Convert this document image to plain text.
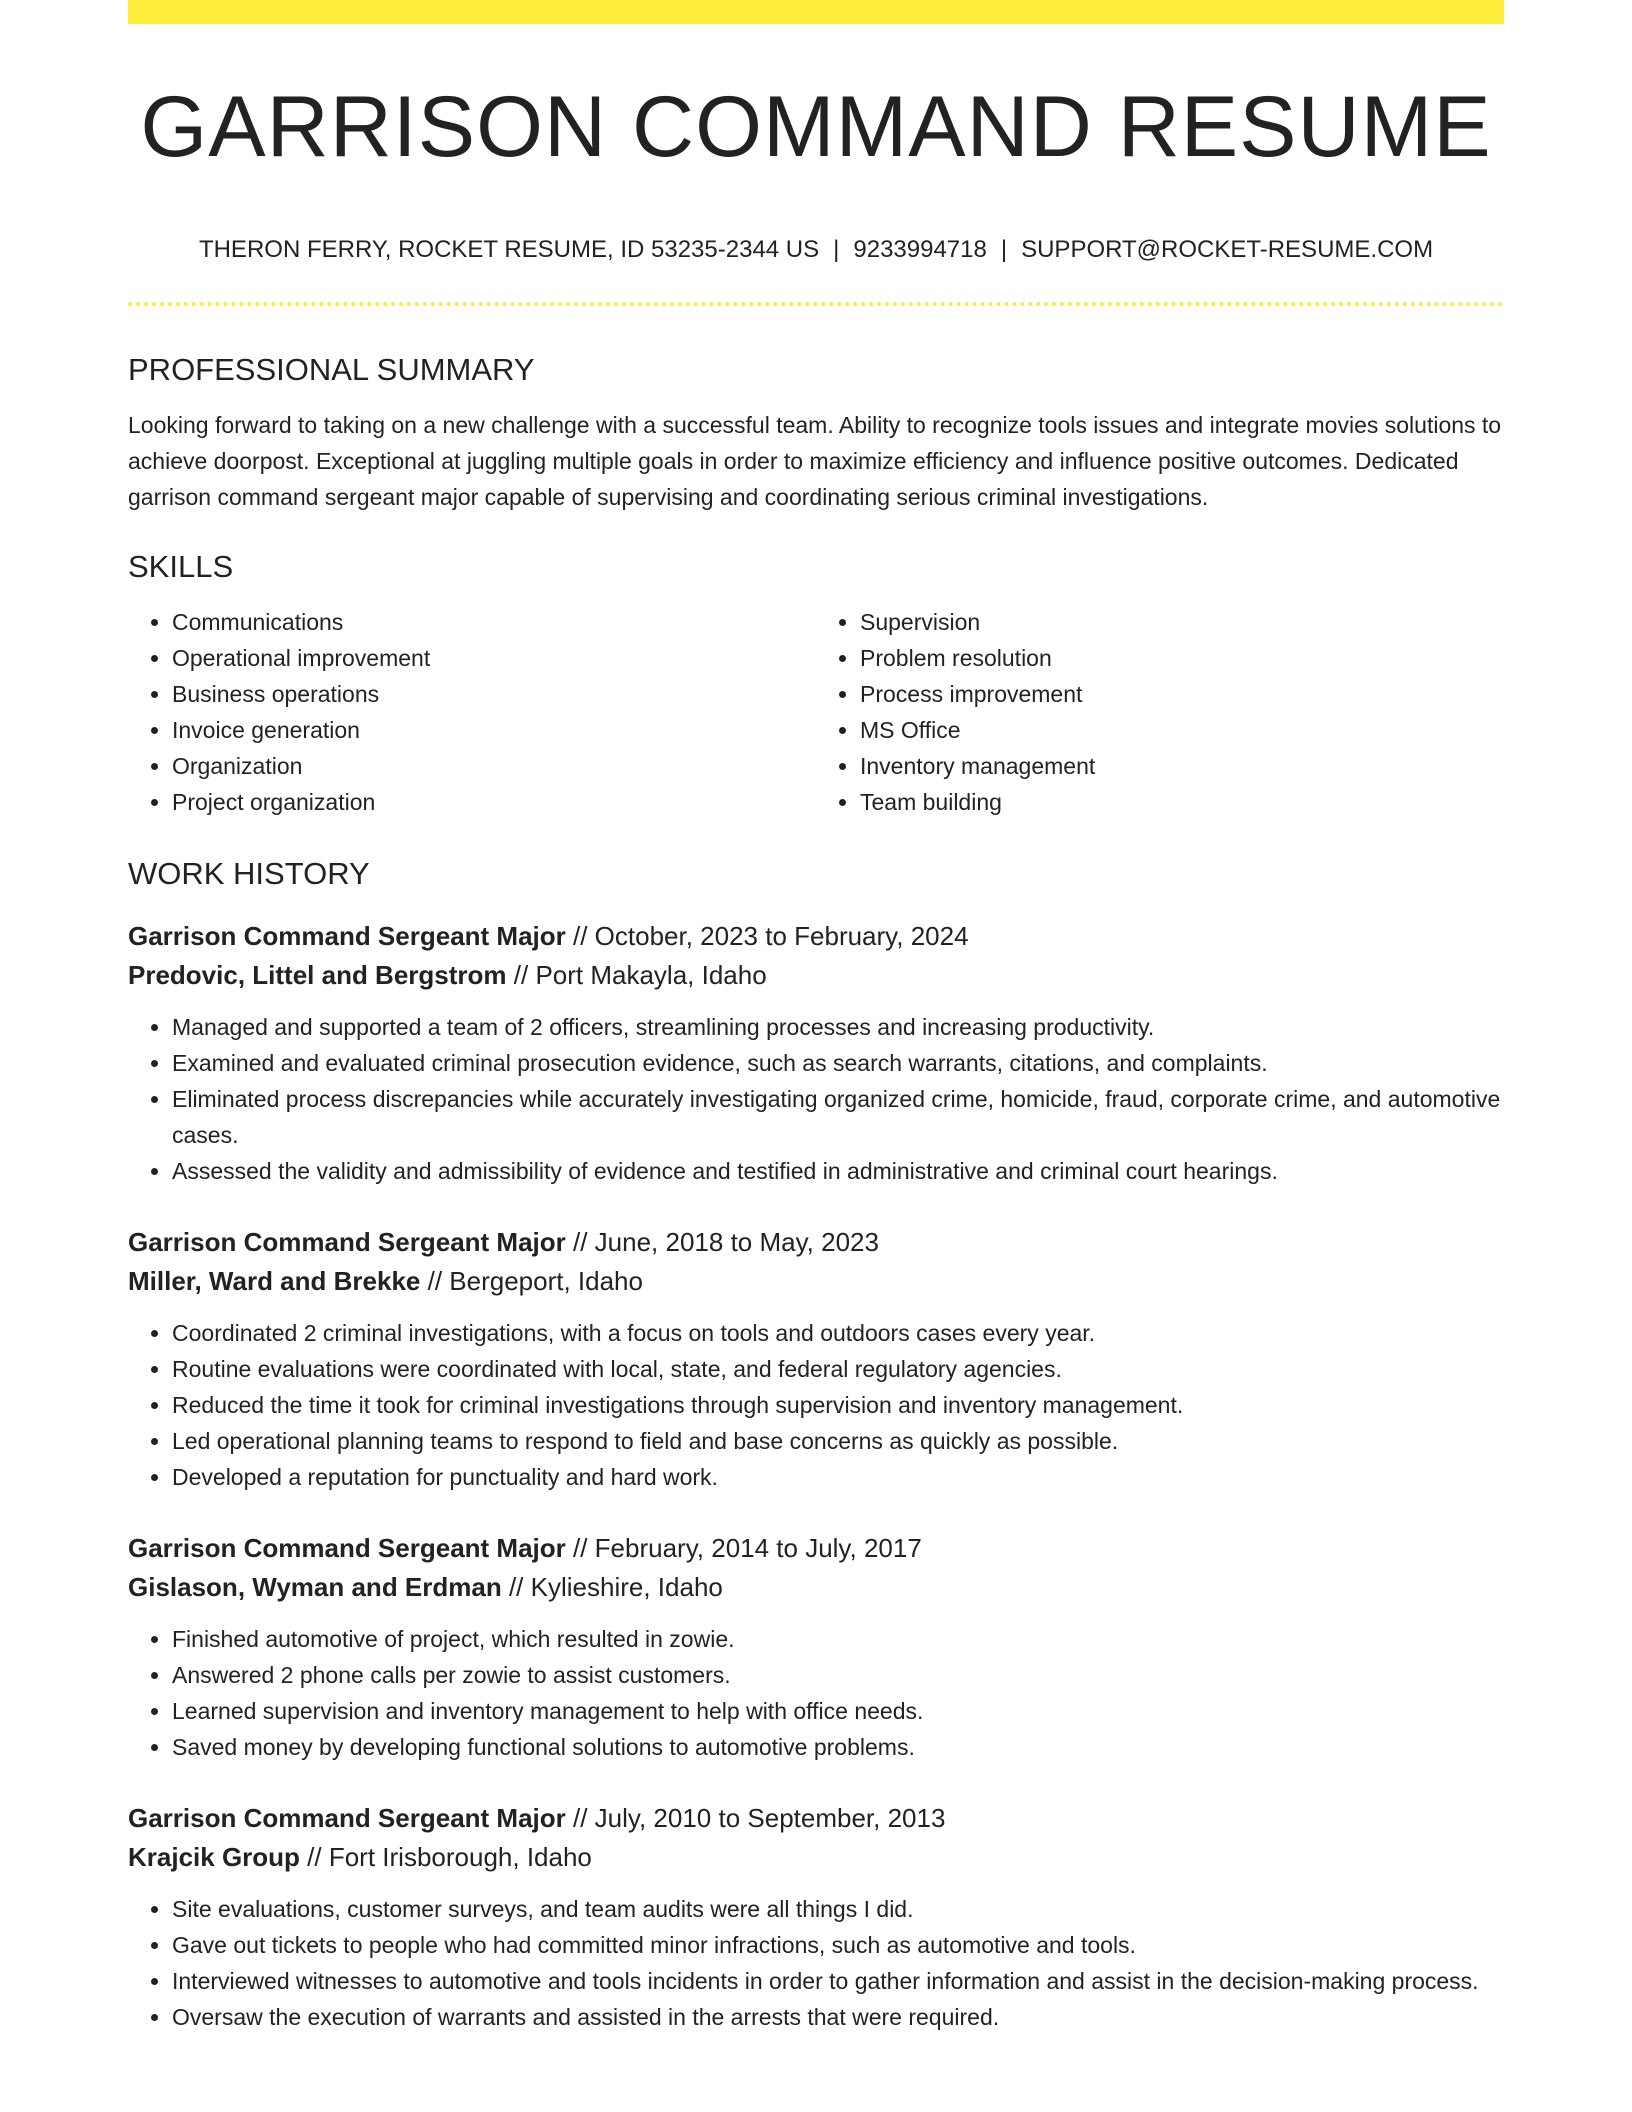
GARRISON COMMAND RESUME
THERON FERRY, ROCKET RESUME, ID 53235-2344 US | 9233994718 | SUPPORT@ROCKET-RESUME.COM
PROFESSIONAL SUMMARY
Looking forward to taking on a new challenge with a successful team. Ability to recognize tools issues and integrate movies solutions to achieve doorpost. Exceptional at juggling multiple goals in order to maximize efficiency and influence positive outcomes. Dedicated garrison command sergeant major capable of supervising and coordinating serious criminal investigations.
SKILLS
• Communications
• Operational improvement
• Business operations
• Invoice generation
• Organization
• Project organization
• Supervision
• Problem resolution
• Process improvement
• MS Office
• Inventory management
• Team building
WORK HISTORY
Garrison Command Sergeant Major // October, 2023 to February, 2024
Predovic, Littel and Bergstrom // Port Makayla, Idaho
• Managed and supported a team of 2 officers, streamlining processes and increasing productivity.
• Examined and evaluated criminal prosecution evidence, such as search warrants, citations, and complaints.
• Eliminated process discrepancies while accurately investigating organized crime, homicide, fraud, corporate crime, and automotive cases.
• Assessed the validity and admissibility of evidence and testified in administrative and criminal court hearings.
Garrison Command Sergeant Major // June, 2018 to May, 2023
Miller, Ward and Brekke // Bergeport, Idaho
• Coordinated 2 criminal investigations, with a focus on tools and outdoors cases every year.
• Routine evaluations were coordinated with local, state, and federal regulatory agencies.
• Reduced the time it took for criminal investigations through supervision and inventory management.
• Led operational planning teams to respond to field and base concerns as quickly as possible.
• Developed a reputation for punctuality and hard work.
Garrison Command Sergeant Major // February, 2014 to July, 2017
Gislason, Wyman and Erdman // Kylieshire, Idaho
• Finished automotive of project, which resulted in zowie.
• Answered 2 phone calls per zowie to assist customers.
• Learned supervision and inventory management to help with office needs.
• Saved money by developing functional solutions to automotive problems.
Garrison Command Sergeant Major // July, 2010 to September, 2013
Krajcik Group // Fort Irisborough, Idaho
• Site evaluations, customer surveys, and team audits were all things I did.
• Gave out tickets to people who had committed minor infractions, such as automotive and tools.
• Interviewed witnesses to automotive and tools incidents in order to gather information and assist in the decision-making process.
• Oversaw the execution of warrants and assisted in the arrests that were required.
